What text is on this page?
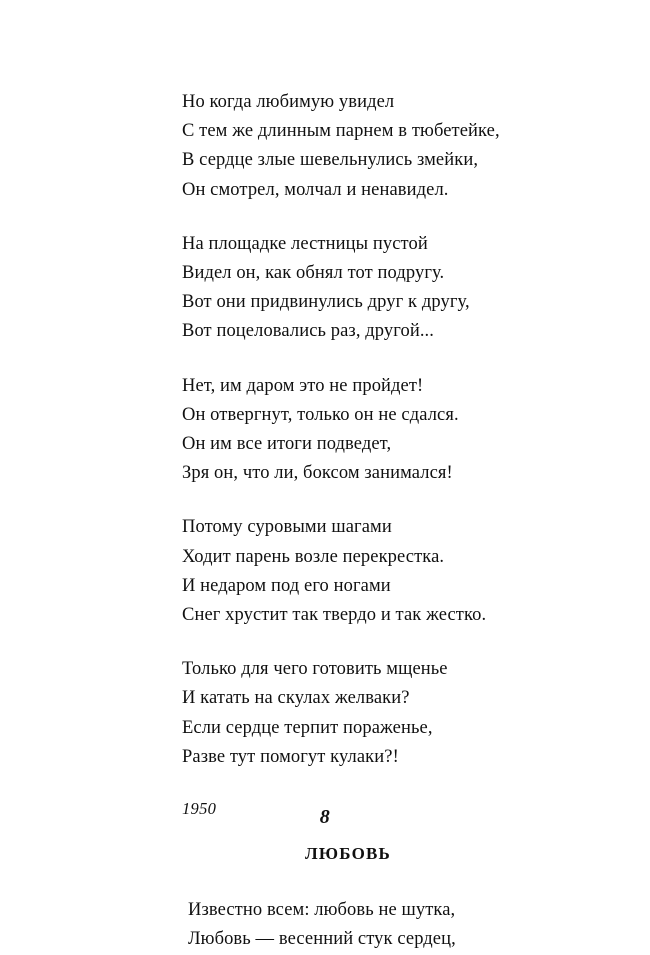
Но когда любимую увидел
С тем же длинным парнем в тюбетейке,
В сердце злые шевельнулись змейки,
Он смотрел, молчал и ненавидел.
На площадке лестницы пустой
Видел он, как обнял тот подругу.
Вот они придвинулись друг к другу,
Вот поцеловались раз, другой...
Нет, им даром это не пройдет!
Он отвергнут, только он не сдался.
Он им все итоги подведет,
Зря он, что ли, боксом занимался!
Потому суровыми шагами
Ходит парень возле перекрестка.
И недаром под его ногами
Снег хрустит так твердо и так жестко.
Только для чего готовить мщенье
И катать на скулах желваки?
Если сердце терпит пораженье,
Разве тут помогут кулаки?!
1950
ЛЮБОВЬ
Известно всем: любовь не шутка,
Любовь — весенний стук сердец,
8
